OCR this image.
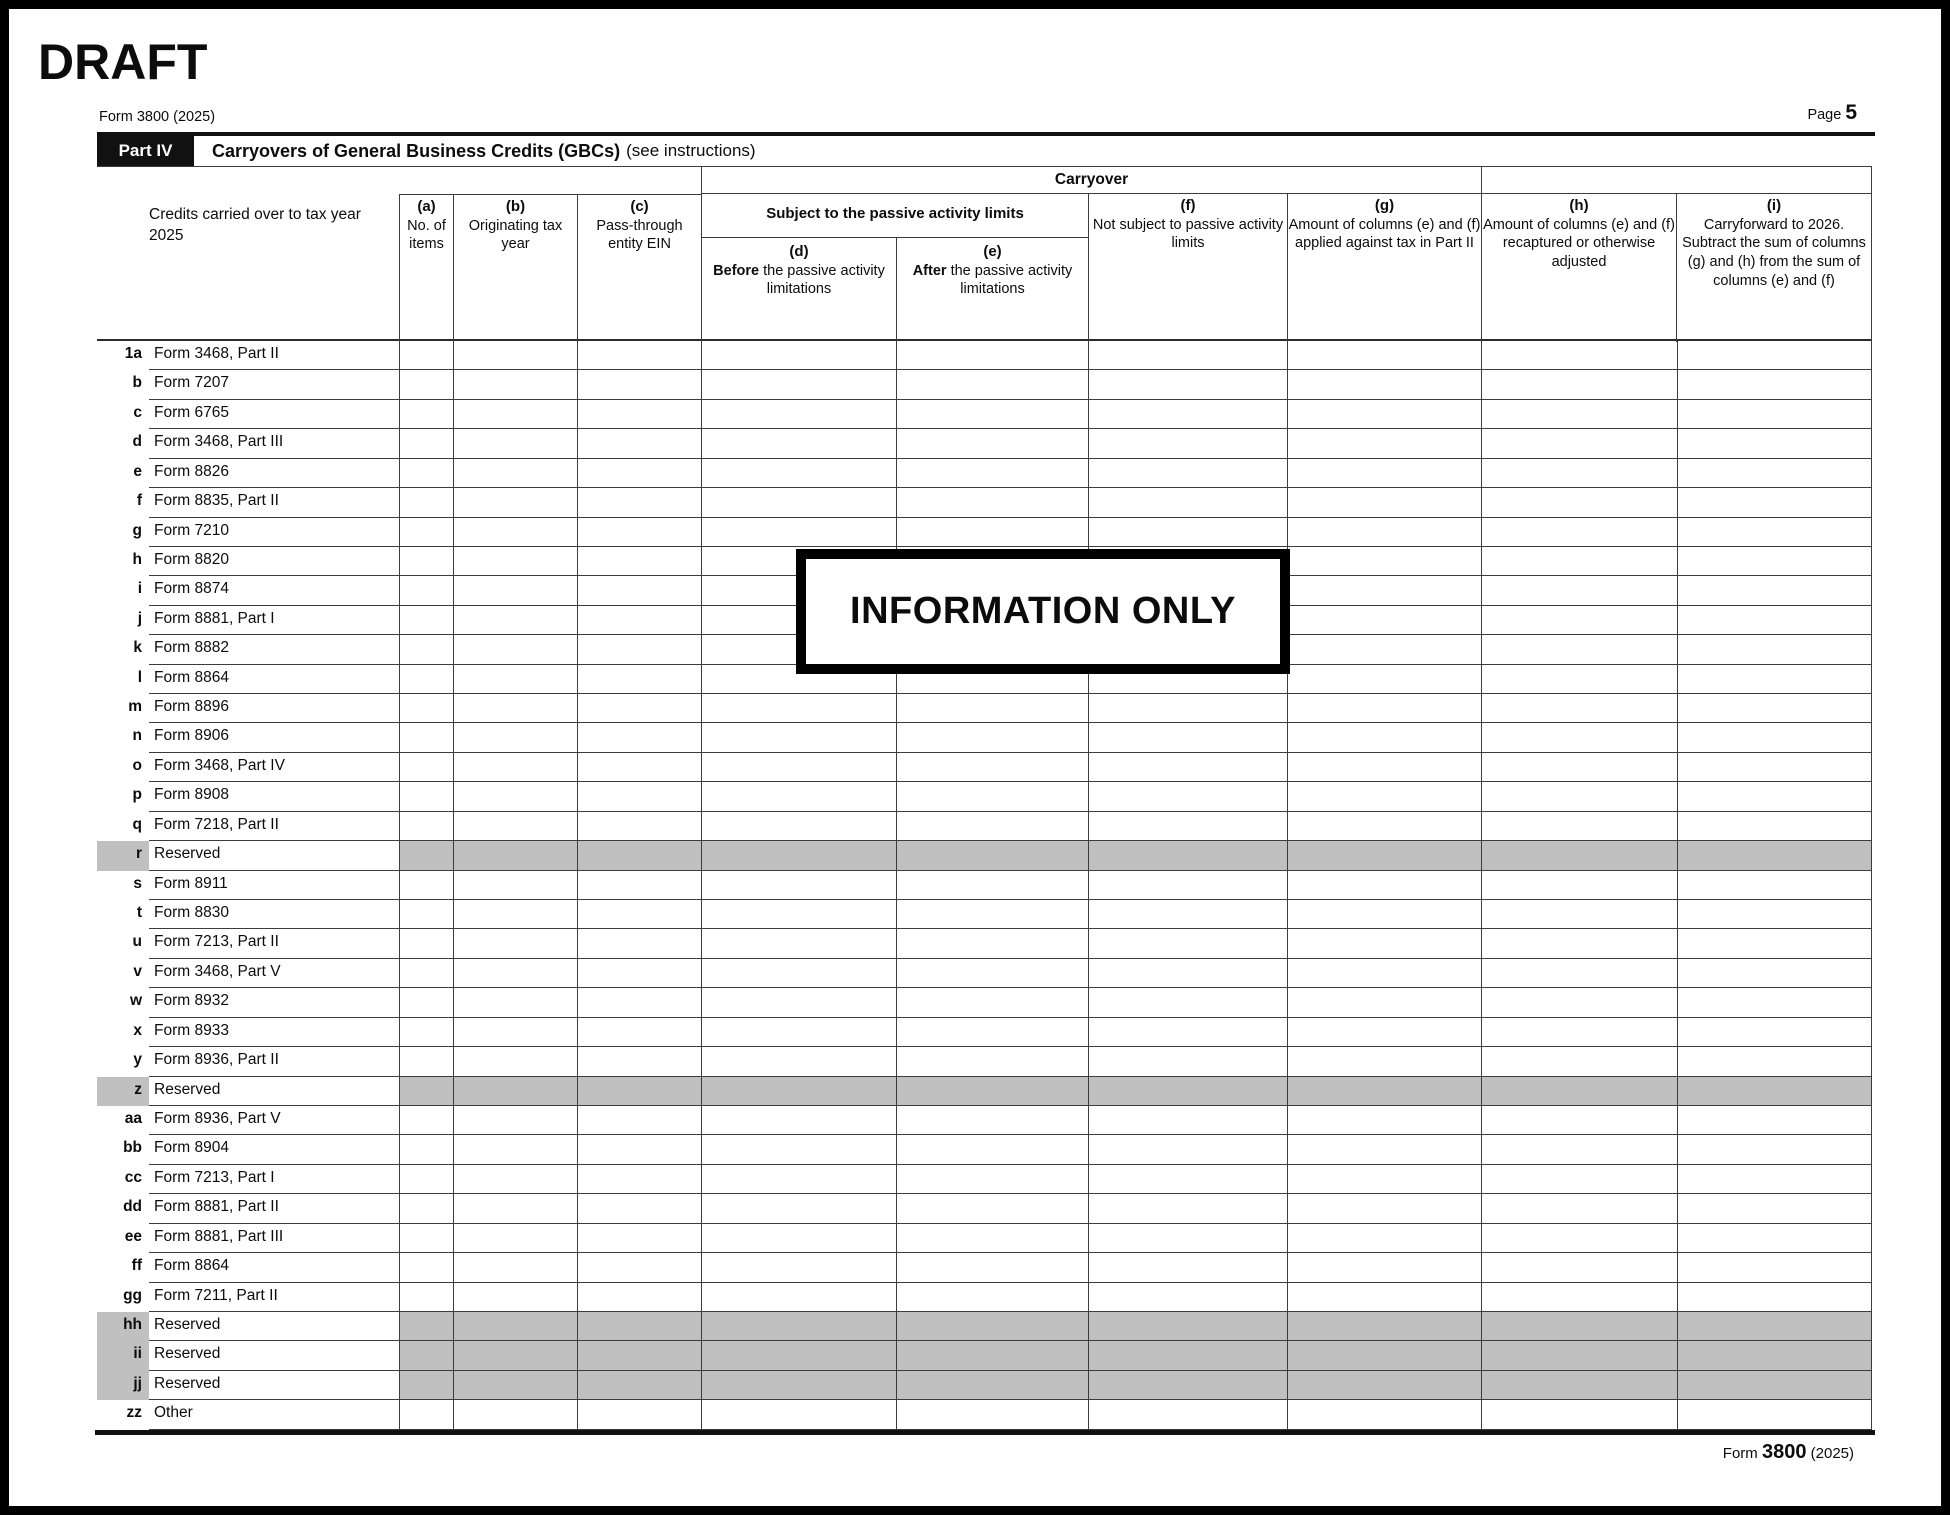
DRAFT
Form 3800 (2025)	Page 5
Part IV	Carryovers of General Business Credits (GBCs) (see instructions)
Credits carried over to tax year 2025
Carryover
(a)
No. of items
(b)
Originating tax year
(c)
Pass-through entity EIN
Subject to the passive activity limits
(d)
Before the passive activity limitations
(e)
After the passive activity limitations
(f)
Not subject to passive activity limits
(g)
Amount of columns (e) and (f) applied against tax in Part II
(h)
Amount of columns (e) and (f) recaptured or otherwise adjusted
(i)
Carryforward to 2026. Subtract the sum of columns (g) and (h) from the sum of columns (e) and (f)
1a Form 3468, Part II
b Form 7207
c Form 6765
d Form 3468, Part III
e Form 8826
f Form 8835, Part II
g Form 7210
h Form 8820
i Form 8874
j Form 8881, Part I
k Form 8882
l Form 8864
m Form 8896
n Form 8906
o Form 3468, Part IV
p Form 8908
q Form 7218, Part II
r Reserved
s Form 8911
t Form 8830
u Form 7213, Part II
v Form 3468, Part V
w Form 8932
x Form 8933
y Form 8936, Part II
z Reserved
aa Form 8936, Part V
bb Form 8904
cc Form 7213, Part I
dd Form 8881, Part II
ee Form 8881, Part III
ff Form 8864
gg Form 7211, Part II
hh Reserved
ii Reserved
jj Reserved
zz Other
Form 3800 (2025)
INFORMATION ONLY
